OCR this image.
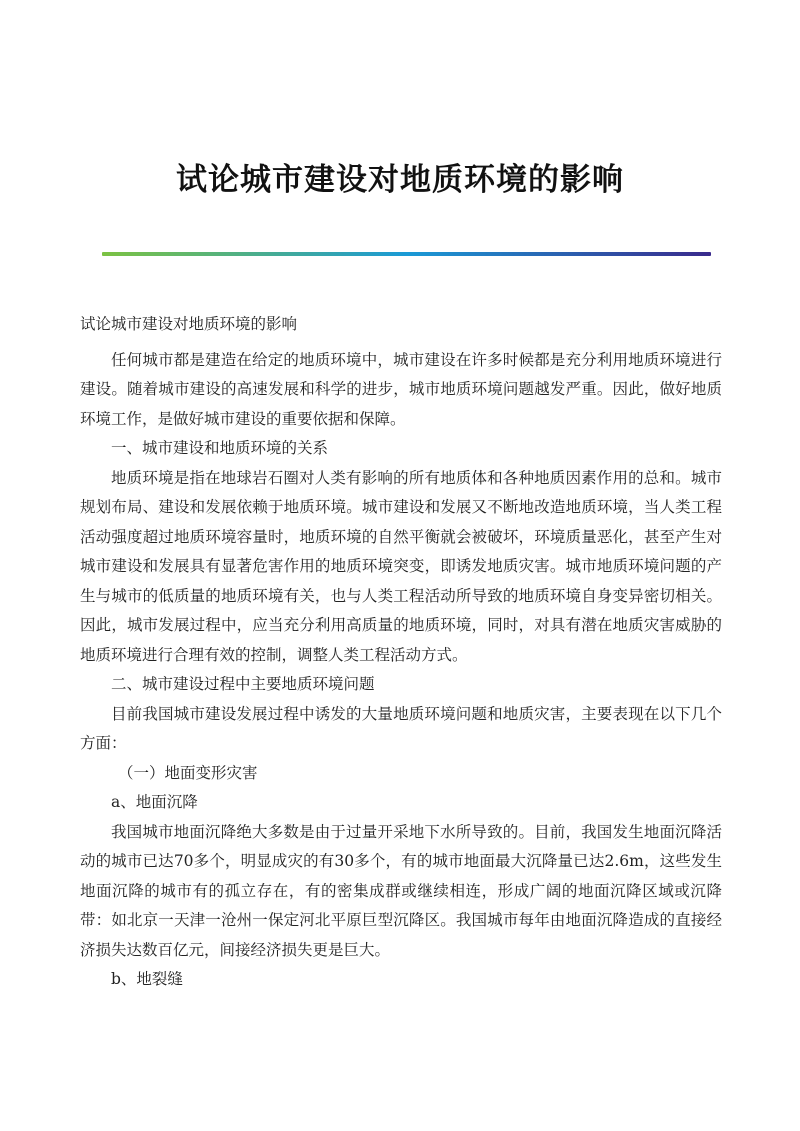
试论城市建设对地质环境的影响

试论城市建设对地质环境的影响

任何城市都是建造在给定的地质环境中，城市建设在许多时候都是充分利用地质环境进行建设。随着城市建设的高速发展和科学的进步，城市地质环境问题越发严重。因此，做好地质环境工作，是做好城市建设的重要依据和保障。

一、城市建设和地质环境的关系

地质环境是指在地球岩石圈对人类有影响的所有地质体和各种地质因素作用的总和。城市规划布局、建设和发展依赖于地质环境。城市建设和发展又不断地改造地质环境，当人类工程活动强度超过地质环境容量时，地质环境的自然平衡就会被破坏，环境质量恶化，甚至产生对城市建设和发展具有显著危害作用的地质环境突变，即诱发地质灾害。城市地质环境问题的产生与城市的低质量的地质环境有关，也与人类工程活动所导致的地质环境自身变异密切相关。因此，城市发展过程中，应当充分利用高质量的地质环境，同时，对具有潜在地质灾害威胁的地质环境进行合理有效的控制，调整人类工程活动方式。

二、城市建设过程中主要地质环境问题

目前我国城市建设发展过程中诱发的大量地质环境问题和地质灾害，主要表现在以下几个方面：

（一）地面变形灾害

a、地面沉降

我国城市地面沉降绝大多数是由于过量开采地下水所导致的。目前，我国发生地面沉降活动的城市已达70多个，明显成灾的有30多个，有的城市地面最大沉降量已达2.6m，这些发生地面沉降的城市有的孤立存在，有的密集成群或继续相连，形成广阔的地面沉降区域或沉降带：如北京一天津一沧州一保定河北平原巨型沉降区。我国城市每年由地面沉降造成的直接经济损失达数百亿元，间接经济损失更是巨大。

b、地裂缝
